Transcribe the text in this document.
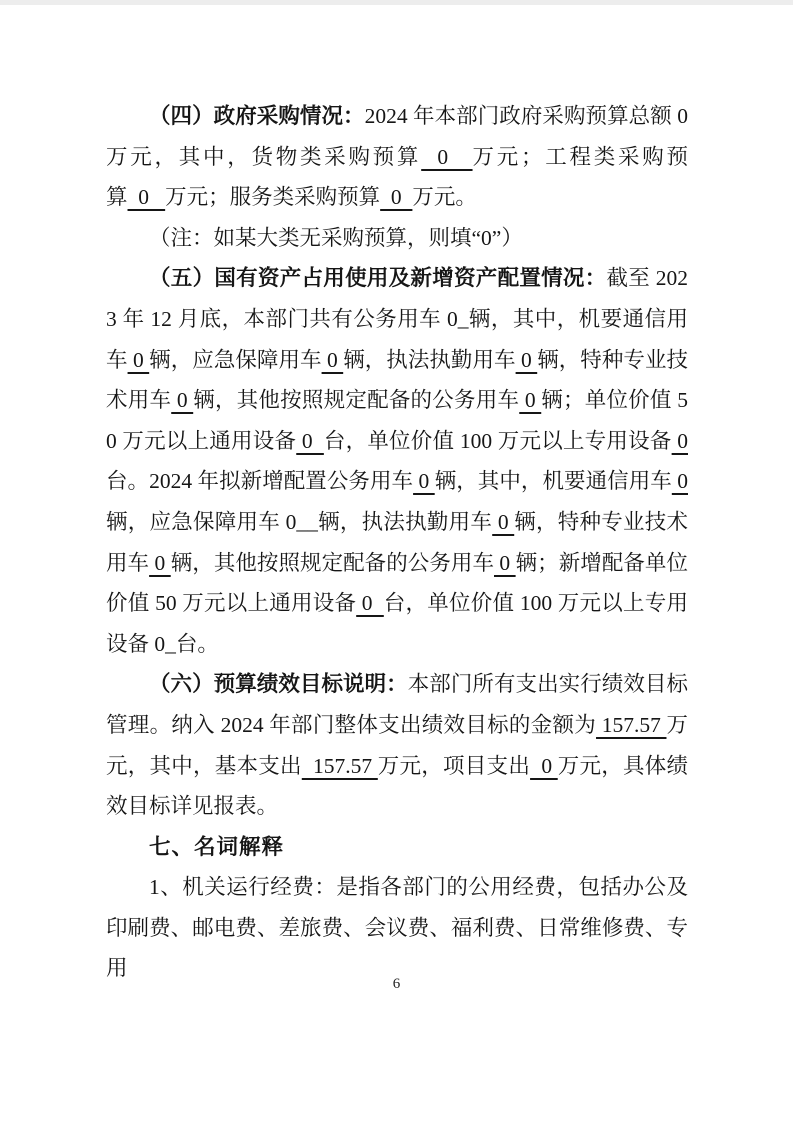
（四）政府采购情况：2024 年本部门政府采购预算总额 0 万元，其中，货物类采购预算  0   万元；工程类采购预算  0   万元；服务类采购预算  0  万元。

（注：如某大类无采购预算，则填“0”）

（五）国有资产占用使用及新增资产配置情况：截至 2023 年 12 月底，本部门共有公务用车 0_辆，其中，机要通信用车 0 辆，应急保障用车 0 辆，执法执勤用车 0 辆，特种专业技术用车 0 辆，其他按照规定配备的公务用车 0 辆；单位价值 50 万元以上通用设备 0  台，单位价值 100 万元以上专用设备 0台。2024 年拟新增配置公务用车 0 辆，其中，机要通信用车 0辆，应急保障用车 0__辆，执法执勤用车 0 辆，特种专业技术用车 0 辆，其他按照规定配备的公务用车 0 辆；新增配备单位价值 50 万元以上通用设备 0  台，单位价值 100 万元以上专用设备 0_台。

（六）预算绩效目标说明：本部门所有支出实行绩效目标管理。纳入 2024 年部门整体支出绩效目标的金额为 157.57 万元，其中，基本支出  157.57 万元，项目支出  0 万元，具体绩效目标详见报表。

七、名词解释

1、机关运行经费：是指各部门的公用经费，包括办公及印刷费、邮电费、差旅费、会议费、福利费、日常维修费、专用

6
